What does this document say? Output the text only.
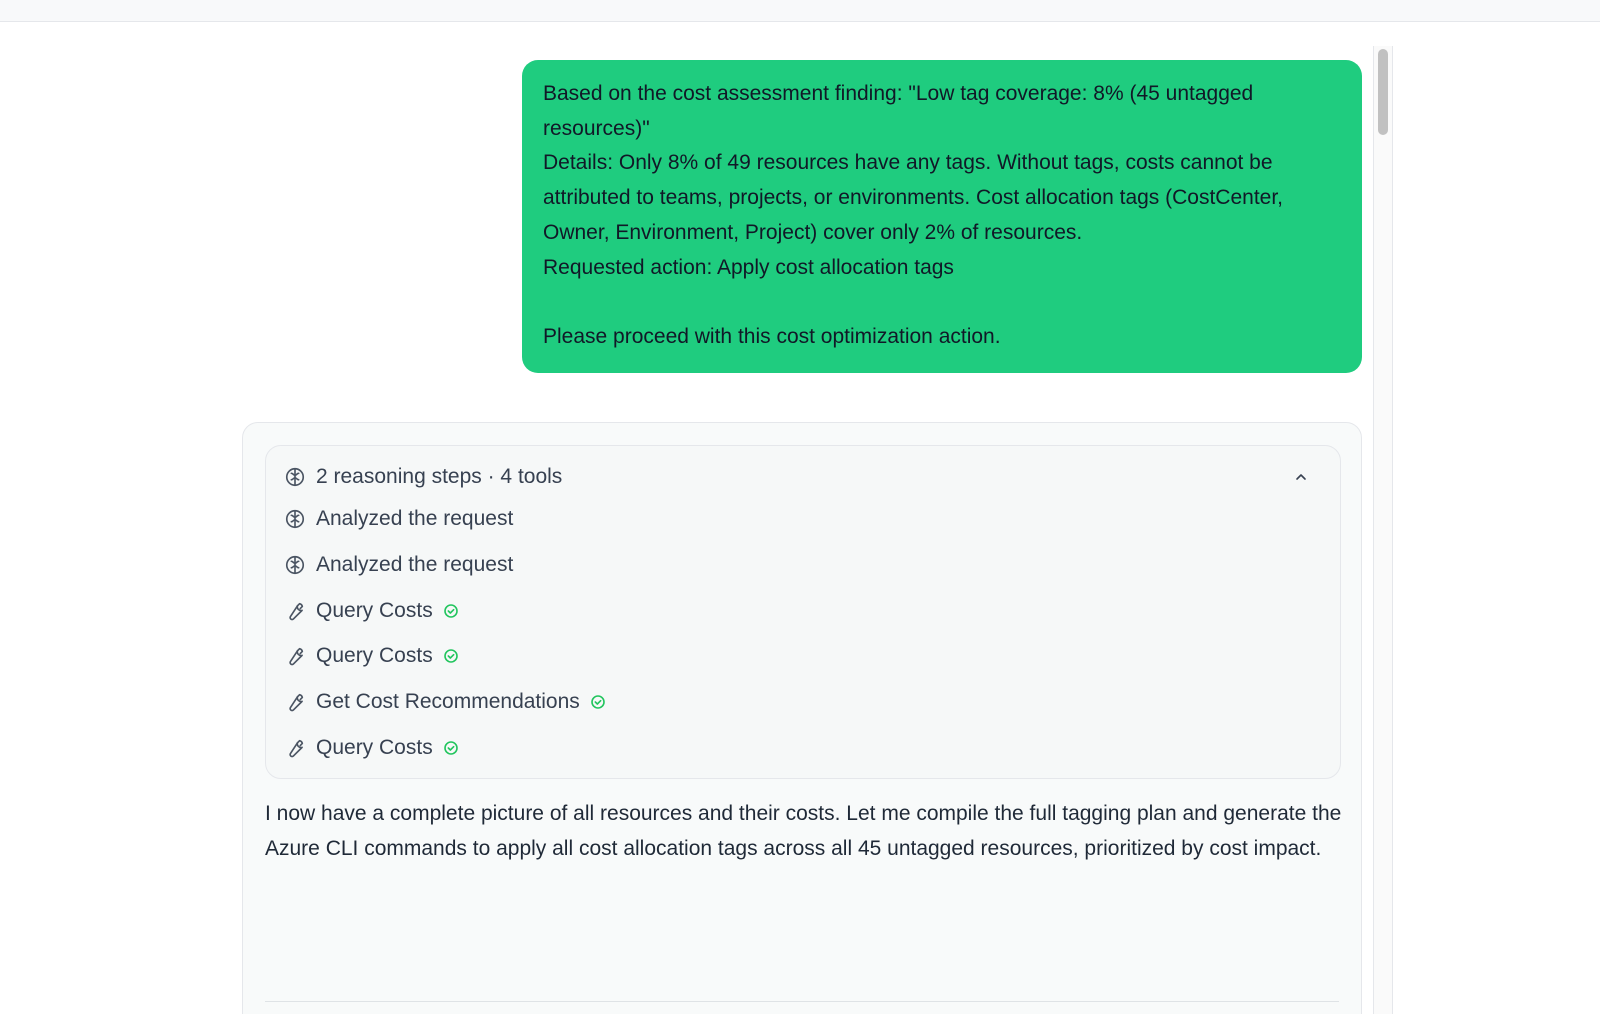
Based on the cost assessment finding: "Low tag coverage: 8% (45 untagged resources)"

Details: Only 8% of 49 resources have any tags. Without tags, costs cannot be attributed to teams, projects, or environments. Cost allocation tags (CostCenter, Owner, Environment, Project) cover only 2% of resources.

Requested action: Apply cost allocation tags

Please proceed with this cost optimization action.

2 reasoning steps · 4 tools
Analyzed the request
Analyzed the request
Query Costs
Query Costs
Get Cost Recommendations
Query Costs

I now have a complete picture of all resources and their costs. Let me compile the full tagging plan and generate the Azure CLI commands to apply all cost allocation tags across all 45 untagged resources, prioritized by cost impact.
